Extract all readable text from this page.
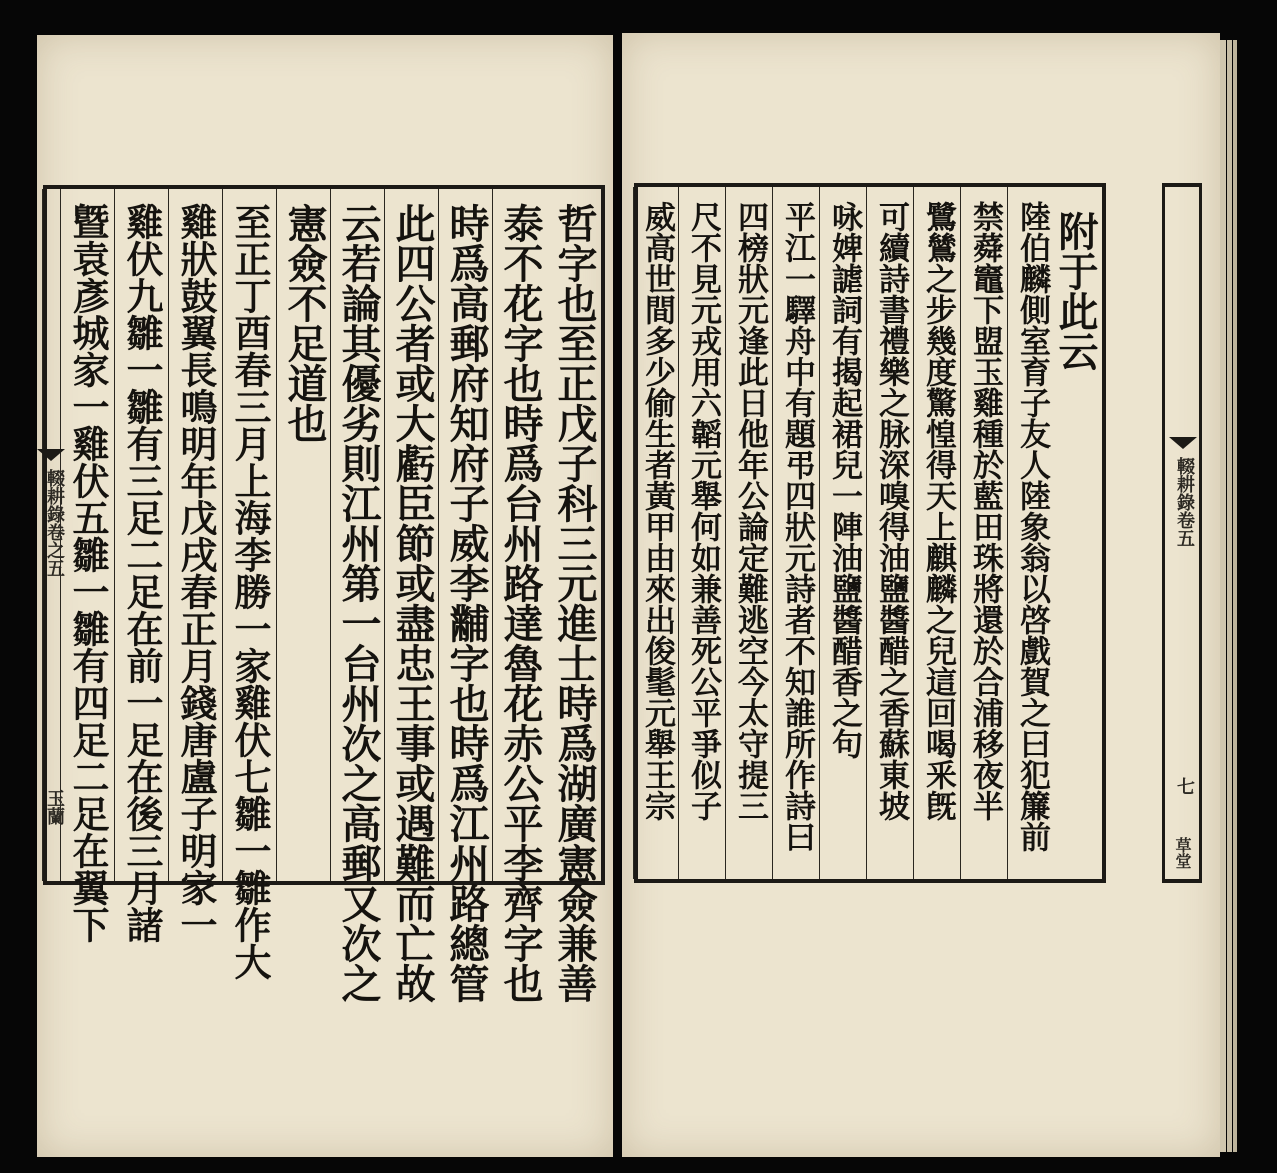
哲字也至正戊子科三元進士時爲湖廣憲僉兼善
泰不花字也時爲台州路達魯花赤公平李齊字也
時爲高郵府知府子威李黼字也時爲江州路總管
此四公者或大虧臣節或盡忠王事或遇難而亡故
云若論其優劣則江州第一台州次之高郵又次之
憲僉不足道也
至正丁酉春三月上海李勝一家雞伏七雛一雛作大
雞狀鼓翼長鳴明年戊戌春正月錢唐盧子明家一
雞伏九雛一雛有三足二足在前一足在後三月諸
曁袁彥城家一雞伏五雛一雛有四足二足在翼下
輟耕錄卷之五
玉蘭
附于此云
陸伯麟側室育子友人陸象翁以啓戲賀之曰犯簾前
禁蕣竈下盟玉雞種於藍田珠將還於合浦移夜半
鷺鷥之步幾度驚惶得天上麒麟之兒這回喝釆旣
可續詩書禮樂之脉深嗅得油鹽醬醋之香蘇東坡
咏婢謔詞有揭起裙兒一陣油鹽醬醋香之句
平江一驛舟中有題弔四狀元詩者不知誰所作詩曰
四榜狀元逢此日他年公論定難逃空今太守提三
尺不見元戎用六韜元舉何如兼善死公平爭似子
威高世間多少偷生者黃甲由來出俊髦元舉王宗	輟耕錄卷五
七
草堂
